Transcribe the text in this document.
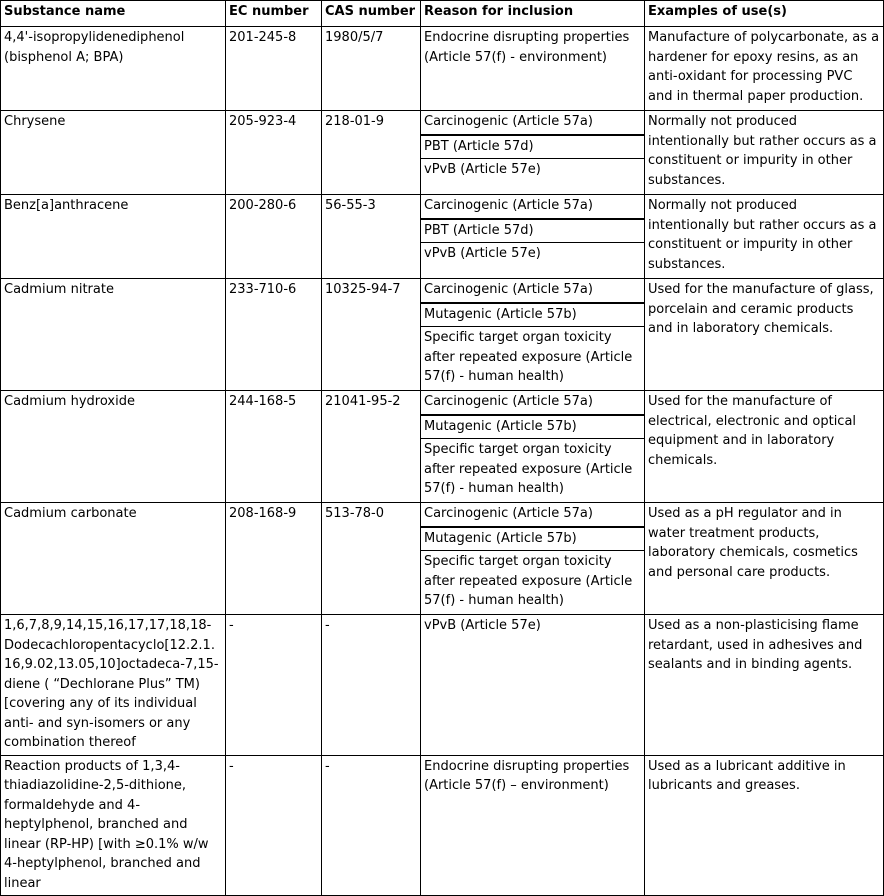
Substance name	EC number	CAS number	Reason for inclusion	Examples of use(s)
4,4'-isopropylidenediphenol (bisphenol A; BPA)	201-245-8	1980/5/7	Endocrine disrupting properties (Article 57(f) - environment)	Manufacture of polycarbonate, as a hardener for epoxy resins, as an anti-oxidant for processing PVC and in thermal paper production.
Chrysene	205-923-4	218-01-9	Carcinogenic (Article 57a)
PBT (Article 57d)
vPvB (Article 57e)	Normally not produced intentionally but rather occurs as a constituent or impurity in other substances.
Benz[a]anthracene	200-280-6	56-55-3	Carcinogenic (Article 57a)
PBT (Article 57d)
vPvB (Article 57e)	Normally not produced intentionally but rather occurs as a constituent or impurity in other substances.
Cadmium nitrate	233-710-6	10325-94-7	Carcinogenic (Article 57a)
Mutagenic (Article 57b)
Specific target organ toxicity after repeated exposure (Article 57(f) - human health)	Used for the manufacture of glass, porcelain and ceramic products and in laboratory chemicals.
Cadmium hydroxide	244-168-5	21041-95-2	Carcinogenic (Article 57a)
Mutagenic (Article 57b)
Specific target organ toxicity after repeated exposure (Article 57(f) - human health)	Used for the manufacture of electrical, electronic and optical equipment and in laboratory chemicals.
Cadmium carbonate	208-168-9	513-78-0	Carcinogenic (Article 57a)
Mutagenic (Article 57b)
Specific target organ toxicity after repeated exposure (Article 57(f) - human health)	Used as a pH regulator and in water treatment products, laboratory chemicals, cosmetics and personal care products.
1,6,7,8,9,14,15,16,17,17,18,18-Dodecachloropentacyclo[12.2.1.16,9.02,13.05,10]octadeca-7,15-diene ( “Dechlorane Plus” TM) [covering any of its individual anti- and syn-isomers or any combination thereof	-	-	vPvB (Article 57e)	Used as a non-plasticising flame retardant, used in adhesives and sealants and in binding agents.
Reaction products of 1,3,4-thiadiazolidine-2,5-dithione, formaldehyde and 4-heptylphenol, branched and linear (RP-HP) [with ≥0.1% w/w 4-heptylphenol, branched and linear	-	-	Endocrine disrupting properties (Article 57(f) – environment)	Used as a lubricant additive in lubricants and greases.
